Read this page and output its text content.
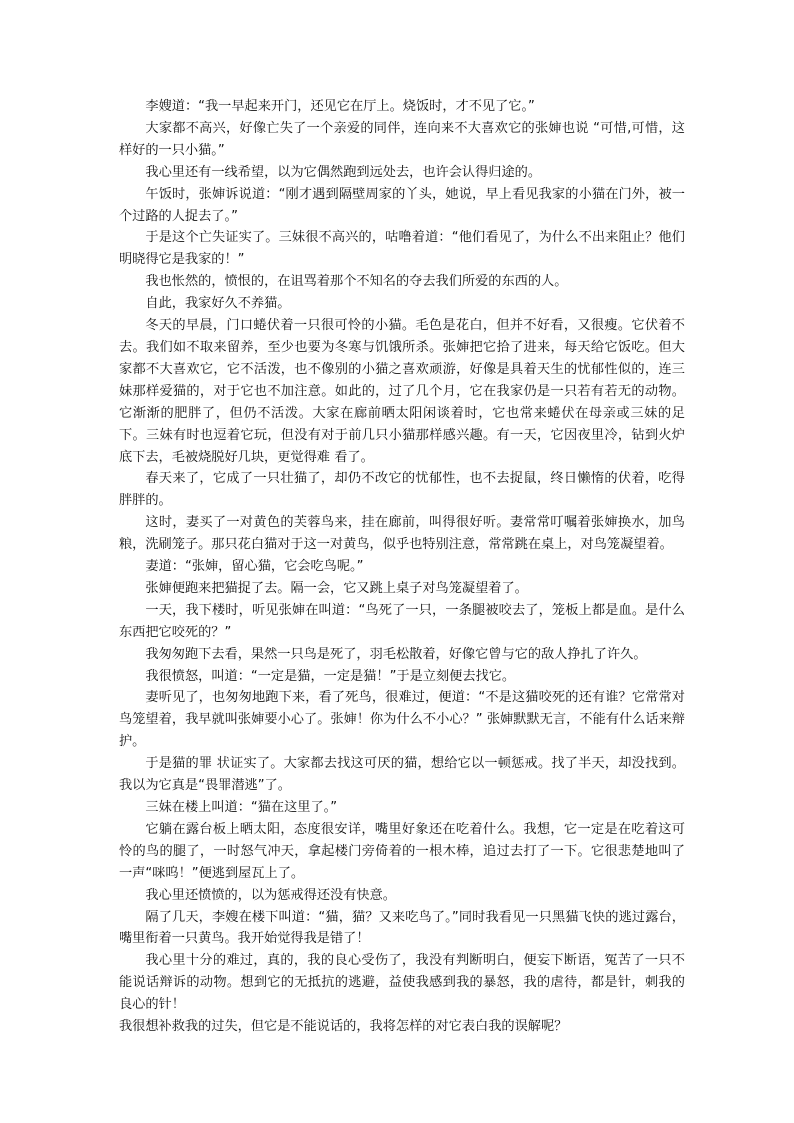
李嫂道：“我一早起来开门，还见它在厅上。烧饭时，才不见了它。”

大家都不高兴，好像亡失了一个亲爱的同伴，连向来不大喜欢它的张婶也说 “可惜,可惜，这样好的一只小猫。”

我心里还有一线希望，以为它偶然跑到远处去，也许会认得归途的。

午饭时，张婶诉说道：“刚才遇到隔壁周家的丫头，她说，早上看见我家的小猫在门外，被一个过路的人捉去了。”

于是这个亡失证实了。三妹很不高兴的，咕噜着道：“他们看见了，为什么不出来阻止？他们明晓得它是我家的！”

我也怅然的，愤恨的，在诅骂着那个不知名的夺去我们所爱的东西的人。

自此，我家好久不养猫。

冬天的早晨，门口蜷伏着一只很可怜的小猫。毛色是花白，但并不好看，又很瘦。它伏着不去。我们如不取来留养，至少也要为冬寒与饥饿所杀。张婶把它拾了进来，每天给它饭吃。但大家都不大喜欢它，它不活泼，也不像别的小猫之喜欢顽游，好像是具着天生的忧郁性似的，连三妹那样爱猫的，对于它也不加注意。如此的，过了几个月，它在我家仍是一只若有若无的动物。它渐渐的肥胖了，但仍不活泼。大家在廊前晒太阳闲谈着时，它也常来蜷伏在母亲或三妹的足下。三妹有时也逗着它玩，但没有对于前几只小猫那样感兴趣。有一天，它因夜里冷，钻到火炉底下去，毛被烧脱好几块，更觉得难 看了。

春天来了，它成了一只壮猫了，却仍不改它的忧郁性，也不去捉鼠，终日懒惰的伏着，吃得胖胖的。

这时，妻买了一对黄色的芙蓉鸟来，挂在廊前，叫得很好听。妻常常叮嘱着张婶换水，加鸟粮，洗刷笼子。那只花白猫对于这一对黄鸟，似乎也特别注意，常常跳在桌上，对鸟笼凝望着。

妻道：“张婶，留心猫，它会吃鸟呢。”

张婶便跑来把猫捉了去。隔一会，它又跳上桌子对鸟笼凝望着了。

一天，我下楼时，听见张婶在叫道：“鸟死了一只，一条腿被咬去了，笼板上都是血。是什么东西把它咬死的？”

我匆匆跑下去看，果然一只鸟是死了，羽毛松散着，好像它曾与它的敌人挣扎了许久。

我很愤怒，叫道：“一定是猫，一定是猫！”于是立刻便去找它。

妻听见了，也匆匆地跑下来，看了死鸟，很难过，便道：“不是这猫咬死的还有谁？它常常对鸟笼望着，我早就叫张婶要小心了。张婶！你为什么不小心？” 张婶默默无言，不能有什么话来辩护。

于是猫的罪 状证实了。大家都去找这可厌的猫，想给它以一顿惩戒。找了半天，却没找到。我以为它真是“畏罪潜逃”了。

三妹在楼上叫道：“猫在这里了。”

它躺在露台板上晒太阳，态度很安详，嘴里好象还在吃着什么。我想，它一定是在吃着这可怜的鸟的腿了，一时怒气冲天，拿起楼门旁倚着的一根木棒，追过去打了一下。它很悲楚地叫了一声“咪呜！”便逃到屋瓦上了。

我心里还愤愤的，以为惩戒得还没有快意。

隔了几天，李嫂在楼下叫道：“猫，猫？又来吃鸟了。”同时我看见一只黑猫飞快的逃过露台，嘴里衔着一只黄鸟。我开始觉得我是错了！

我心里十分的难过，真的，我的良心受伤了，我没有判断明白，便妄下断语，冤苦了一只不能说话辩诉的动物。想到它的无抵抗的逃避，益使我感到我的暴怒，我的虐待，都是针，刺我的良心的针！

我很想补救我的过失，但它是不能说话的，我将怎样的对它表白我的误解呢？
